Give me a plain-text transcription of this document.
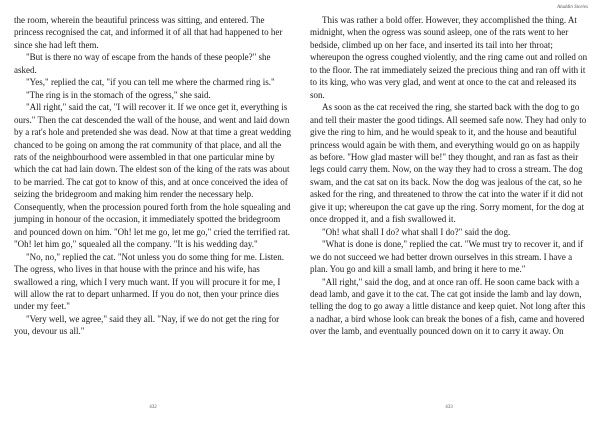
the room, wherein the beautiful princess was sitting, and entered. The princess recognised the cat, and informed it of all that had happened to her since she had left them.

"But is there no way of escape from the hands of these people?" she asked.

"Yes," replied the cat, "if you can tell me where the charmed ring is."

"The ring is in the stomach of the ogress," she said.

"All right," said the cat, "I will recover it. If we once get it, everything is ours." Then the cat descended the wall of the house, and went and laid down by a rat's hole and pretended she was dead. Now at that time a great wedding chanced to be going on among the rat community of that place, and all the rats of the neighbourhood were assembled in that one particular mine by which the cat had lain down. The eldest son of the king of the rats was about to be married. The cat got to know of this, and at once conceived the idea of seizing the bridegroom and making him render the necessary help. Consequently, when the procession poured forth from the hole squealing and jumping in honour of the occasion, it immediately spotted the bridegroom and pounced down on him. "Oh! let me go, let me go," cried the terrified rat. "Oh! let him go," squealed all the company. "It is his wedding day."

"No, no," replied the cat. "Not unless you do some thing for me. Listen. The ogress, who lives in that house with the prince and his wife, has swallowed a ring, which I very much want. If you will procure it for me, I will allow the rat to depart unharmed. If you do not, then your prince dies under my feet."

"Very well, we agree," said they all. "Nay, if we do not get the ring for you, devour us all."

432
Aladdin Stories

This was rather a bold offer. However, they accomplished the thing. At midnight, when the ogress was sound asleep, one of the rats went to her bedside, climbed up on her face, and inserted its tail into her throat; whereupon the ogress coughed violently, and the ring came out and rolled on to the floor. The rat immediately seized the precious thing and ran off with it to its king, who was very glad, and went at once to the cat and released its son.

As soon as the cat received the ring, she started back with the dog to go and tell their master the good tidings. All seemed safe now. They had only to give the ring to him, and he would speak to it, and the house and beautiful princess would again be with them, and everything would go on as happily as before. "How glad master will be!" they thought, and ran as fast as their legs could carry them. Now, on the way they had to cross a stream. The dog swam, and the cat sat on its back. Now the dog was jealous of the cat, so he asked for the ring, and threatened to throw the cat into the water if it did not give it up; whereupon the cat gave up the ring. Sorry moment, for the dog at once dropped it, and a fish swallowed it.

"Oh! what shall I do? what shall I do?" said the dog.

"What is done is done," replied the cat. "We must try to recover it, and if we do not succeed we had better drown ourselves in this stream. I have a plan. You go and kill a small lamb, and bring it here to me."

"All right," said the dog, and at once ran off. He soon came back with a dead lamb, and gave it to the cat. The cat got inside the lamb and lay down, telling the dog to go away a little distance and keep quiet. Not long after this a nadhar, a bird whose look can break the bones of a fish, came and hovered over the lamb, and eventually pounced down on it to carry it away. On

433
